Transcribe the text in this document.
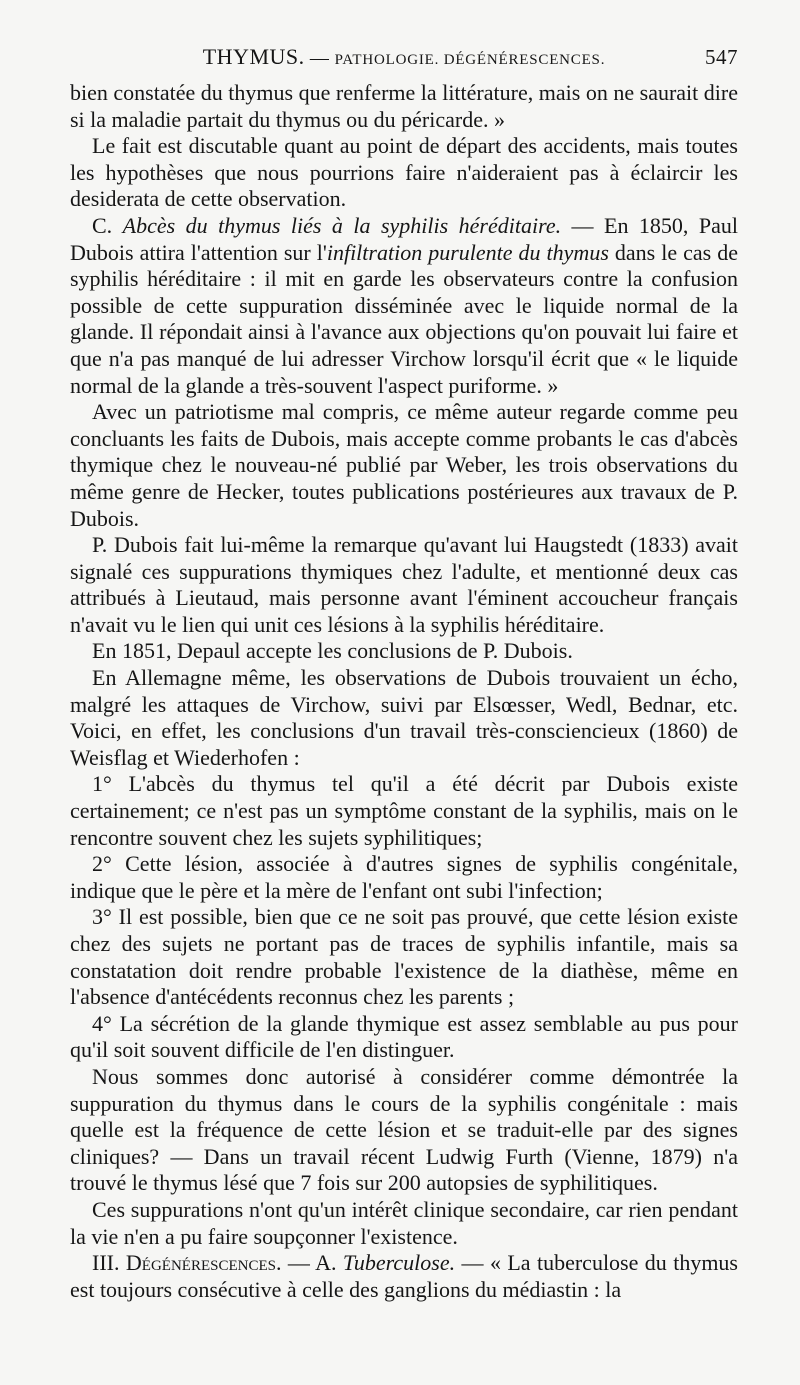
THYMUS. — PATHOLOGIE. DÉGÉNÉRESCENCES.	547

bien constatée du thymus que renferme la littérature, mais on ne saurait dire si la maladie partait du thymus ou du péricarde. »

Le fait est discutable quant au point de départ des accidents, mais toutes les hypothèses que nous pourrions faire n'aideraient pas à éclaircir les desiderata de cette observation.

C. Abcès du thymus liés à la syphilis héréditaire. — En 1850, Paul Dubois attira l'attention sur l'infiltration purulente du thymus dans le cas de syphilis héréditaire : il mit en garde les observateurs contre la confusion possible de cette suppuration disséminée avec le liquide normal de la glande. Il répondait ainsi à l'avance aux objections qu'on pouvait lui faire et que n'a pas manqué de lui adresser Virchow lorsqu'il écrit que « le liquide normal de la glande a très-souvent l'aspect puriforme. »

Avec un patriotisme mal compris, ce même auteur regarde comme peu concluants les faits de Dubois, mais accepte comme probants le cas d'abcès thymique chez le nouveau-né publié par Weber, les trois observations du même genre de Hecker, toutes publications postérieures aux travaux de P. Dubois.

P. Dubois fait lui-même la remarque qu'avant lui Haugstedt (1833) avait signalé ces suppurations thymiques chez l'adulte, et mentionné deux cas attribués à Lieutaud, mais personne avant l'éminent accoucheur français n'avait vu le lien qui unit ces lésions à la syphilis héréditaire.

En 1851, Depaul accepte les conclusions de P. Dubois.

En Allemagne même, les observations de Dubois trouvaient un écho, malgré les attaques de Virchow, suivi par Elsœsser, Wedl, Bednar, etc. Voici, en effet, les conclusions d'un travail très-consciencieux (1860) de Weisflag et Wiederhofen :

1° L'abcès du thymus tel qu'il a été décrit par Dubois existe certainement; ce n'est pas un symptôme constant de la syphilis, mais on le rencontre souvent chez les sujets syphilitiques;

2° Cette lésion, associée à d'autres signes de syphilis congénitale, indique que le père et la mère de l'enfant ont subi l'infection;

3° Il est possible, bien que ce ne soit pas prouvé, que cette lésion existe chez des sujets ne portant pas de traces de syphilis infantile, mais sa constatation doit rendre probable l'existence de la diathèse, même en l'absence d'antécédents reconnus chez les parents ;

4° La sécrétion de la glande thymique est assez semblable au pus pour qu'il soit souvent difficile de l'en distinguer.

Nous sommes donc autorisé à considérer comme démontrée la suppuration du thymus dans le cours de la syphilis congénitale : mais quelle est la fréquence de cette lésion et se traduit-elle par des signes cliniques? — Dans un travail récent Ludwig Furth (Vienne, 1879) n'a trouvé le thymus lésé que 7 fois sur 200 autopsies de syphilitiques.

Ces suppurations n'ont qu'un intérêt clinique secondaire, car rien pendant la vie n'en a pu faire soupçonner l'existence.

III. Dégénérescences. — A. Tuberculose. — « La tuberculose du thymus est toujours consécutive à celle des ganglions du médiastin : la
